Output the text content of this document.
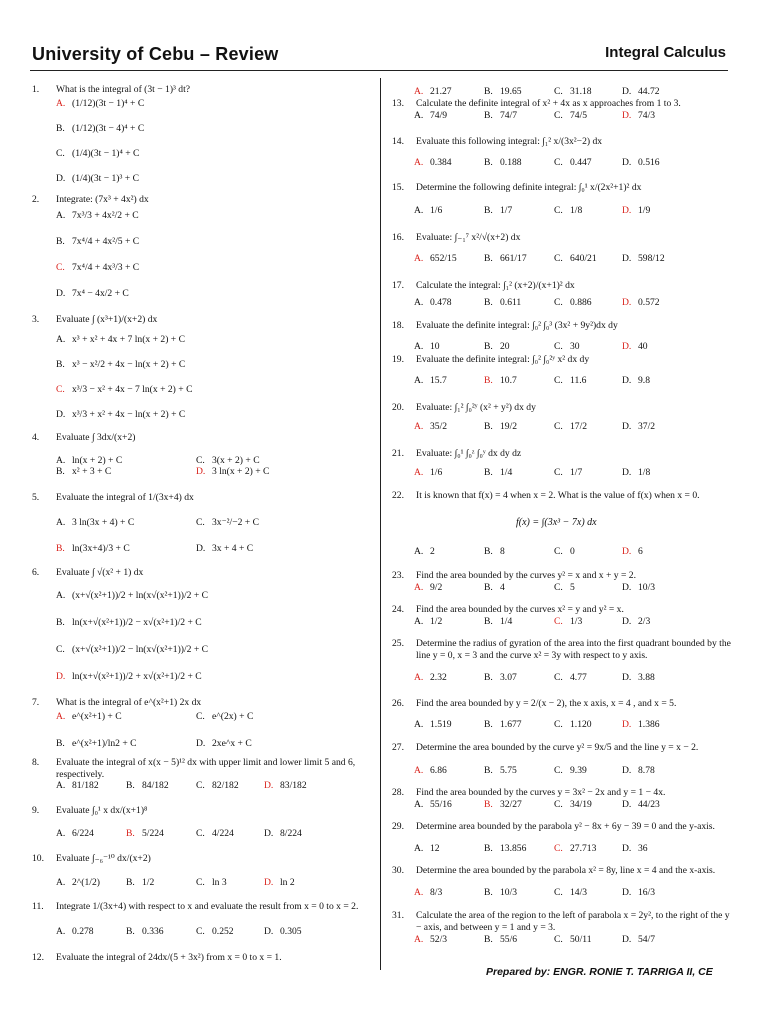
University of Cebu – Review	Integral Calculus
1.	What is the integral of (3t − 1)³ dt?
A. (1/12)(3t − 1)⁴ + C
B. (1/12)(3t − 4)⁴ + C
C. (1/4)(3t − 1)⁴ + C
D. (1/4)(3t − 1)³ + C
2.	Integrate: (7x³ + 4x²) dx
A. 7x³/3 + 4x²/2 + C
B. 7x⁴/4 + 4x²/5 + C
C. 7x⁴/4 + 4x³/3 + C
D. 7x⁴ − 4x/2 + C
3.	Evaluate ∫ (x³+1)/(x+2) dx
A. x³ + x² + 4x + 7 ln(x + 2) + C
B. x³ − x²/2 + 4x − ln(x + 2) + C
C. x³/3 − x² + 4x − 7 ln(x + 2) + C
D. x³/3 + x² + 4x − ln(x + 2) + C
4.	Evaluate ∫ 3dx/(x+2)
A. ln(x + 2) + C	C. 3(x + 2) + C
B. x² + 3 + C	D. 3 ln(x + 2) + C
5.	Evaluate the integral of 1/(3x+4) dx
A. 3 ln(3x + 4) + C	C. 3x⁻²/−2 + C
B. ln(3x+4)/3 + C	D. 3x + 4 + C
6.	Evaluate ∫ √(x² + 1) dx
A. (x+√(x²+1))/2 + ln(x√(x²+1))/2 + C
B. ln(x+√(x²+1))/2 − x√(x²+1)/2 + C
C. (x+√(x²+1))/2 − ln(x√(x²+1))/2 + C
D. ln(x+√(x²+1))/2 + x√(x²+1)/2 + C
7.	What is the integral of e^(x²+1) 2x dx
A. e^(x²+1) + C	C. e^(2x) + C
B. e^(x²+1)/ln2 + C	D. 2xe^x + C
8.	Evaluate the integral of x(x − 5)¹² dx with upper limit and lower limit 5 and 6, respectively.
A. 81/182	B. 84/182	C. 82/182	D. 83/182
9.	Evaluate ∫₀¹ x dx/(x+1)⁸
A. 6/224	B. 5/224	C. 4/224	D. 8/224
10.	Evaluate ∫₋₆⁻¹⁰ dx/(x+2)
A. 2^(1/2)	B. 1/2	C. ln 3	D. ln 2
11.	Integrate 1/(3x+4) with respect to x and evaluate the result from x = 0 to x = 2.
A. 0.278	B. 0.336	C. 0.252	D. 0.305
12.	Evaluate the integral of 24dx/(5 + 3x²) from x = 0 to x = 1.
A. 21.27	B. 19.65	C. 31.18	D. 44.72
13.	Calculate the definite integral of x² + 4x as x approaches from 1 to 3.
A. 74/9	B. 74/7	C. 74/5	D. 74/3
14.	Evaluate this following integral: ∫₁² x/(3x²−2) dx
A. 0.384	B. 0.188	C. 0.447	D. 0.516
15.	Determine the following definite integral: ∫₀¹ x/(2x²+1)² dx
A. 1/6	B. 1/7	C. 1/8	D. 1/9
16.	Evaluate: ∫₋₁⁷ x²/√(x+2) dx
A. 652/15	B. 661/17	C. 640/21	D. 598/12
17.	Calculate the integral: ∫₁² (x+2)/(x+1)² dx
A. 0.478	B. 0.611	C. 0.886	D. 0.572
18.	Evaluate the definite integral: ∫₀² ∫₀³ (3x² + 9y²)dx dy
A. 10	B. 20	C. 30	D. 40
19.	Evaluate the definite integral: ∫₀² ∫₀²ʸ x² dx dy
A. 15.7	B. 10.7	C. 11.6	D. 9.8
20.	Evaluate: ∫₁² ∫₀²ʸ (x² + y²) dx dy
A. 35/2	B. 19/2	C. 17/2	D. 37/2
21.	Evaluate: ∫₀¹ ∫₀ᶻ ∫₀ʸ dx dy dz
A. 1/6	B. 1/4	C. 1/7	D. 1/8
22.	It is known that f(x) = 4 when x = 2. What is the value of f(x) when x = 0.
f(x) = ∫(3x³ − 7x) dx
A. 2	B. 8	C. 0	D. 6
23.	Find the area bounded by the curves y² = x and x + y = 2.
A. 9/2	B. 4	C. 5	D. 10/3
24.	Find the area bounded by the curves x² = y and y² = x.
A. 1/2	B. 1/4	C. 1/3	D. 2/3
25.	Determine the radius of gyration of the area into the first quadrant bounded by the line y = 0, x = 3 and the curve x² = 3y with respect to y axis.
A. 2.32	B. 3.07	C. 4.77	D. 3.88
26.	Find the area bounded by y = 2/(x − 2), the x axis, x = 4 , and x = 5.
A. 1.519	B. 1.677	C. 1.120	D. 1.386
27.	Determine the area bounded by the curve y² = 9x/5 and the line y = x − 2.
A. 6.86	B. 5.75	C. 9.39	D. 8.78
28.	Find the area bounded by the curves y = 3x² − 2x and y = 1 − 4x.
A. 55/16	B. 32/27	C. 34/19	D. 44/23
29.	Determine area bounded by the parabola y² − 8x + 6y − 39 = 0 and the y-axis.
A. 12	B. 13.856	C. 27.713	D. 36
30.	Determine the area bounded by the parabola x² = 8y, line x = 4 and the x-axis.
A. 8/3	B. 10/3	C. 14/3	D. 16/3
31.	Calculate the area of the region to the left of parabola x = 2y², to the right of the y − axis, and between y = 1 and y = 3.
A. 52/3	B. 55/6	C. 50/11	D. 54/7
Prepared by: ENGR. RONIE T. TARRIGA II, CE
